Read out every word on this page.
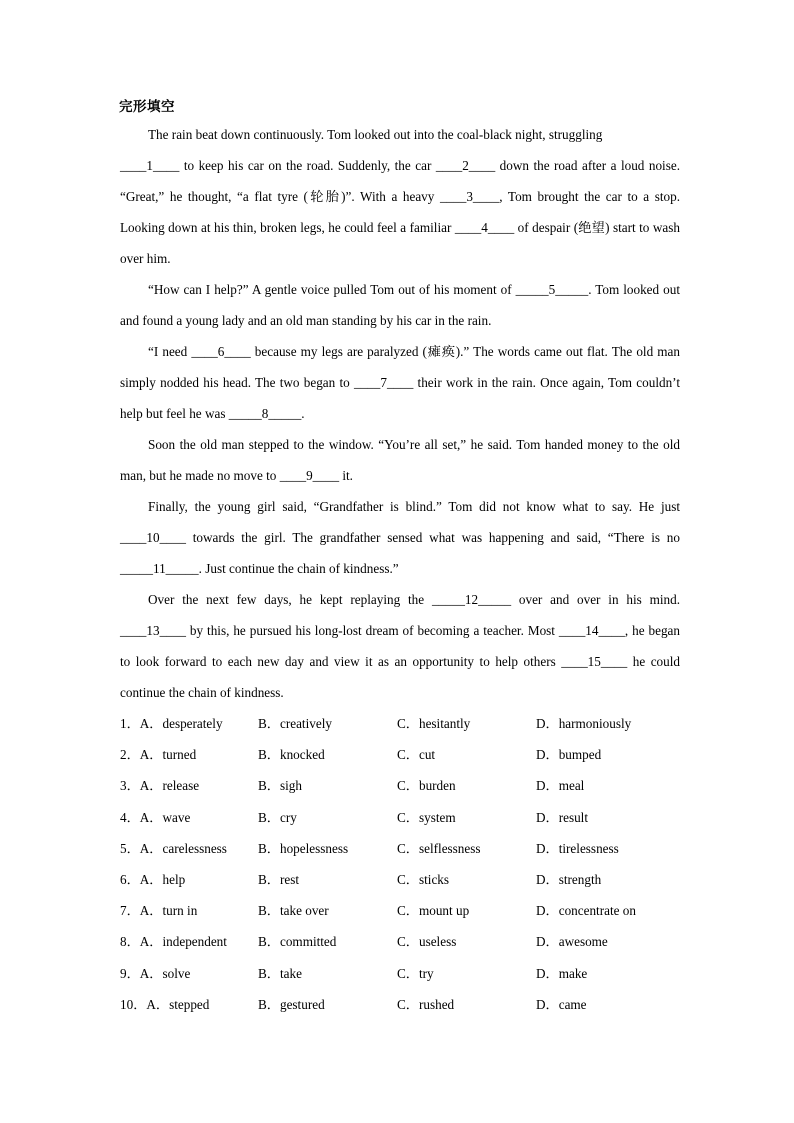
完形填空

The rain beat down continuously. Tom looked out into the coal-black night, struggling
____1____ to keep his car on the road. Suddenly, the car ____2____ down the road after a loud noise. “Great,” he thought, “a flat tyre (轮胎)”. With a heavy ____3____, Tom brought the car to a stop. Looking down at his thin, broken legs, he could feel a familiar ____4____ of despair (绝望) start to wash over him.

“How can I help?” A gentle voice pulled Tom out of his moment of _____5_____. Tom looked out and found a young lady and an old man standing by his car in the rain.

“I need ____6____ because my legs are paralyzed (瘫痪).” The words came out flat. The old man simply nodded his head. The two began to ____7____ their work in the rain. Once again, Tom couldn’t help but feel he was _____8_____.

Soon the old man stepped to the window. “You’re all set,” he said. Tom handed money to the old man, but he made no move to ____9____ it.

Finally, the young girl said, “Grandfather is blind.” Tom did not know what to say. He just ____10____ towards the girl. The grandfather sensed what was happening and said, “There is no _____11_____. Just continue the chain of kindness.”

Over the next few days, he kept replaying the _____12_____ over and over in his mind. ____13____ by this, he pursued his long-lost dream of becoming a teacher. Most ____14____, he began to look forward to each new day and view it as an opportunity to help others ____15____ he could continue the chain of kindness.

1．A．desperately	B．creatively	C．hesitantly	D．harmoniously
2．A．turned	B．knocked	C．cut	D．bumped
3．A．release	B．sigh	C．burden	D．meal
4．A．wave	B．cry	C．system	D．result
5．A．carelessness	B．hopelessness	C．selflessness	D．tirelessness
6．A．help	B．rest	C．sticks	D．strength
7．A．turn in	B．take over	C．mount up	D．concentrate on
8．A．independent	B．committed	C．useless	D．awesome
9．A．solve	B．take	C．try	D．make
10．A．stepped	B．gestured	C．rushed	D．came
